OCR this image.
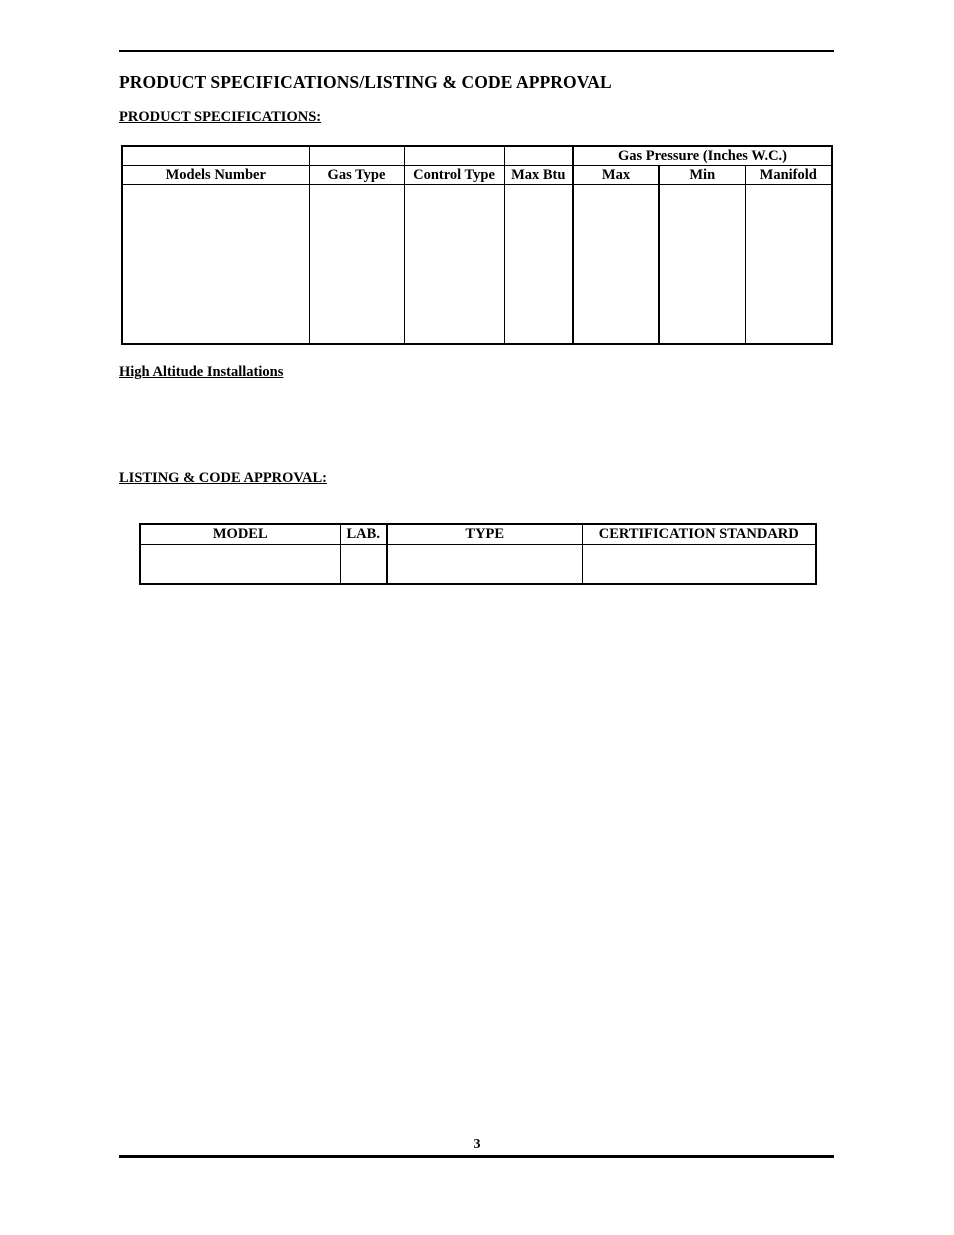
PRODUCT SPECIFICATIONS/LISTING & CODE APPROVAL
PRODUCT SPECIFICATIONS:
				Gas Pressure (Inches W.C.)		
Models Number	Gas Type	Control Type	Max Btu	Max	Min	Manifold

High Altitude Installations
LISTING & CODE APPROVAL:
MODEL	LAB.	TYPE	CERTIFICATION STANDARD

3
